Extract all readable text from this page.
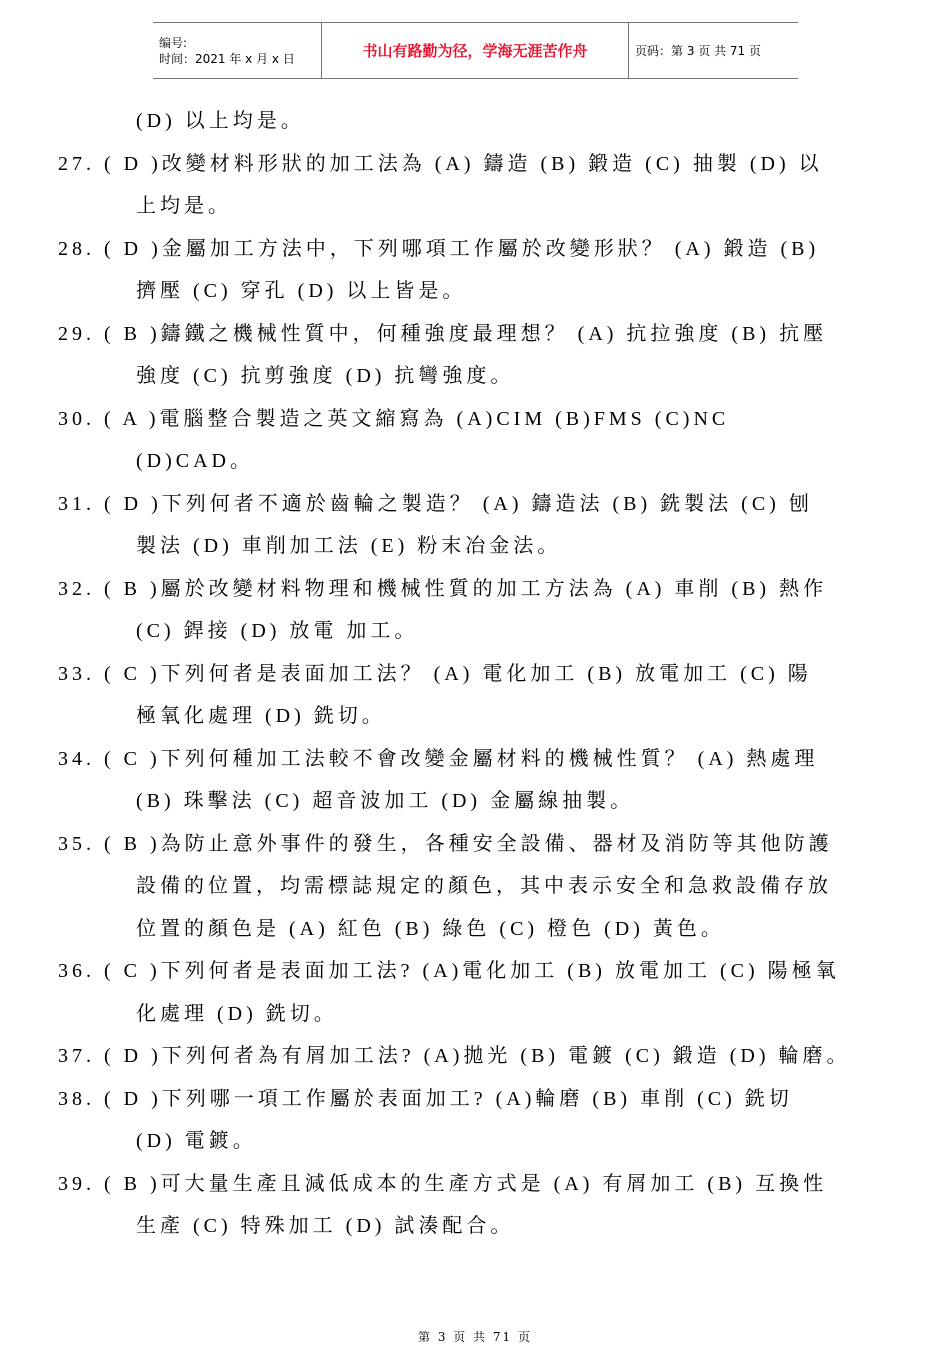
编号:
时间：2021 年 x 月 x 日	书山有路勤为径，学海无涯苦作舟	页码：第 3 页 共 71 页
(D) 以上均是。
27. ( D )改變材料形狀的加工法為 (A) 鑄造 (B) 鍛造 (C) 抽製 (D) 以
上均是。
28. ( D )金屬加工方法中，下列哪項工作屬於改變形狀？ (A) 鍛造 (B)
擠壓 (C) 穿孔 (D) 以上皆是。
29. ( B )鑄鐵之機械性質中，何種強度最理想？ (A) 抗拉強度 (B) 抗壓
強度 (C) 抗剪強度 (D) 抗彎強度。
30. ( A )電腦整合製造之英文縮寫為 (A)CIM (B)FMS (C)NC
(D)CAD。
31. ( D )下列何者不適於齒輪之製造？ (A) 鑄造法 (B) 銑製法 (C) 刨
製法 (D) 車削加工法 (E) 粉末冶金法。
32. ( B )屬於改變材料物理和機械性質的加工方法為 (A) 車削 (B) 熱作
(C) 銲接 (D) 放電 加工。
33. ( C )下列何者是表面加工法？ (A) 電化加工 (B) 放電加工 (C) 陽
極氧化處理 (D) 銑切。
34. ( C )下列何種加工法較不會改變金屬材料的機械性質？ (A) 熱處理
(B) 珠擊法 (C) 超音波加工 (D) 金屬線抽製。
35. ( B )為防止意外事件的發生，各種安全設備、器材及消防等其他防護
設備的位置，均需標誌規定的顏色，其中表示安全和急救設備存放
位置的顏色是 (A) 紅色 (B) 綠色 (C) 橙色 (D) 黃色。
36. ( C )下列何者是表面加工法? (A)電化加工 (B) 放電加工 (C) 陽極氧
化處理 (D) 銑切。
37. ( D )下列何者為有屑加工法? (A)拋光 (B) 電鍍 (C) 鍛造 (D) 輪磨。
38. ( D )下列哪一項工作屬於表面加工? (A)輪磨 (B) 車削 (C) 銑切
(D) 電鍍。
39. ( B )可大量生產且減低成本的生產方式是 (A) 有屑加工 (B) 互換性
生產 (C) 特殊加工 (D) 試湊配合。
第 3 页 共 71 页
